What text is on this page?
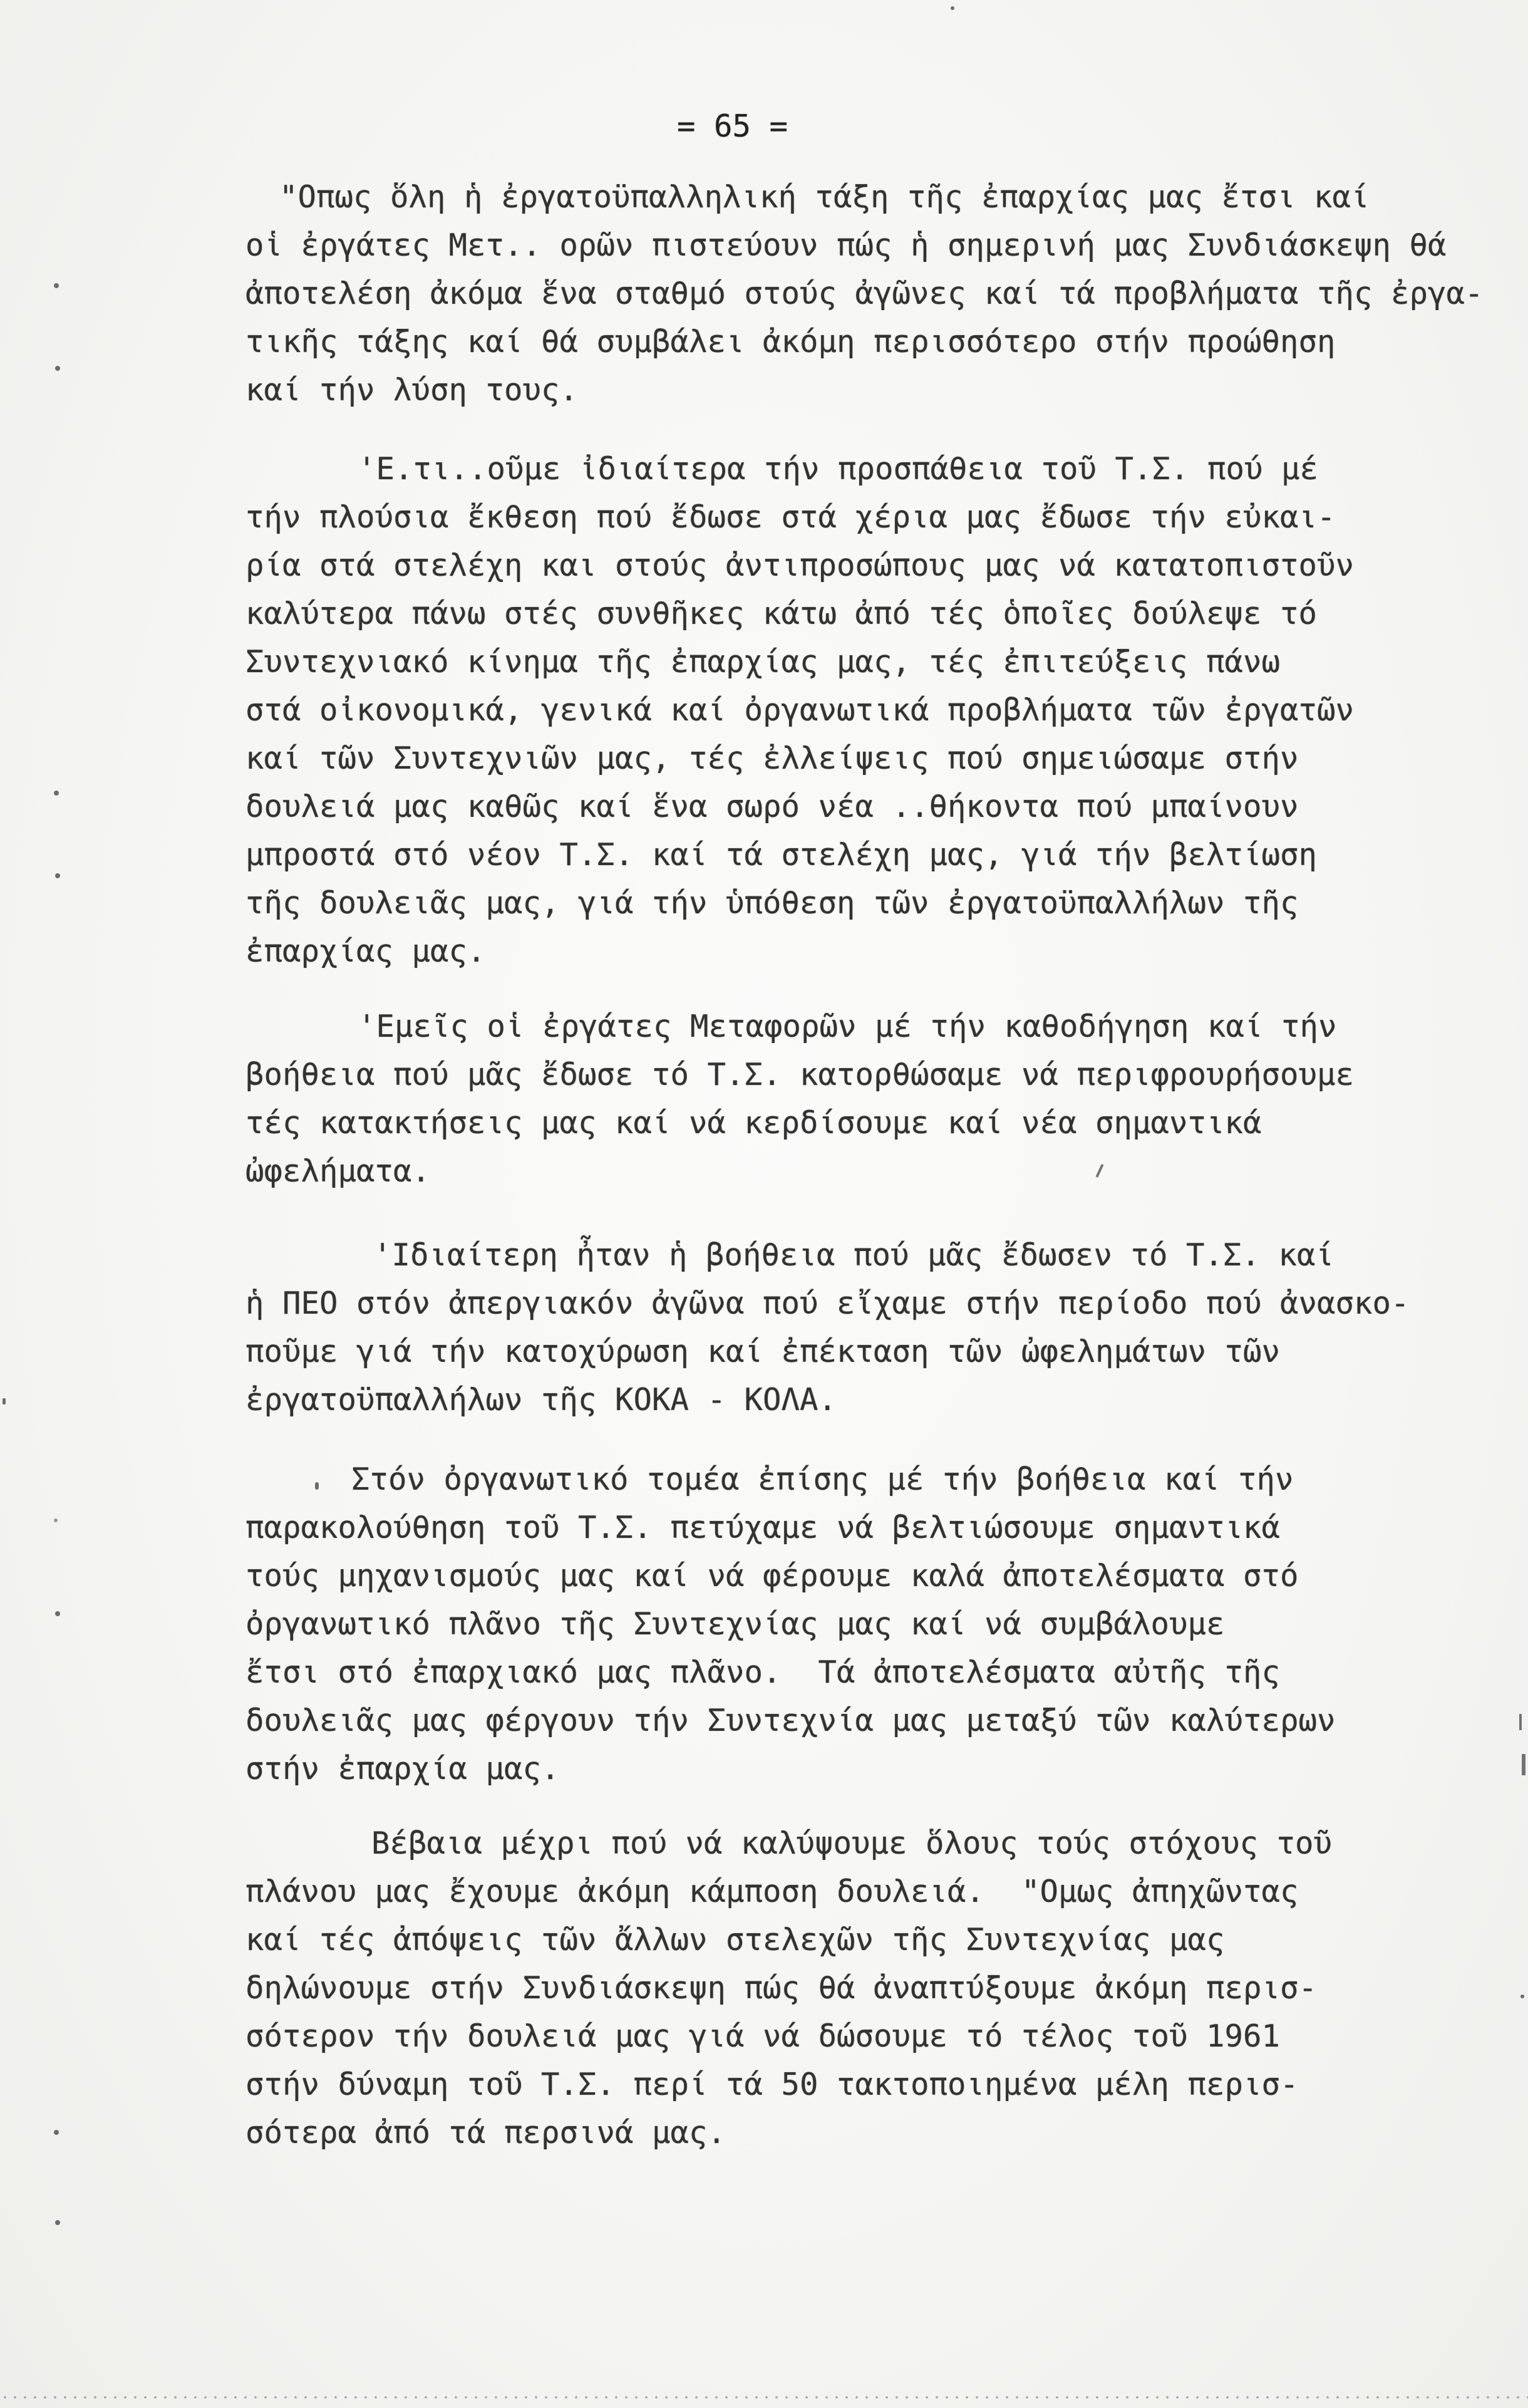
= 65 =
"Οπως ὅλη ἡ ἐργατοϋπαλληλική τάξη τῆς ἐπαρχίας μας ἔτσι καί
οἱ ἐργάτες Μετ.. ορῶν πιστεύουν πώς ἡ σημερινή μας Συνδιάσκεψη θά
ἀποτελέση ἀκόμα ἕνα σταθμό στούς ἀγῶνες καί τά προβλήματα τῆς ἐργα-
τικῆς τάξης καί θά συμβάλει ἀκόμη περισσότερο στήν προώθηση
καί τήν λύση τους.
'Ε.τι..οῦμε ἰδιαίτερα τήν προσπάθεια τοῦ Τ.Σ. πού μέ
τήν πλούσια ἔκθεση πού ἔδωσε στά χέρια μας ἔδωσε τήν εὐκαι-
ρία στά στελέχη και στούς ἀντιπροσώπους μας νά κατατοπιστοῦν
καλύτερα πάνω στές συνθῆκες κάτω ἀπό τές ὁποῖες δούλεψε τό
Συντεχνιακό κίνημα τῆς ἐπαρχίας μας, τές ἐπιτεύξεις πάνω
στά οἰκονομικά, γενικά καί ὀργανωτικά προβλήματα τῶν ἐργατῶν
καί τῶν Συντεχνιῶν μας, τές ἐλλείψεις πού σημειώσαμε στήν
δουλειά μας καθῶς καί ἕνα σωρό νέα ..θήκοντα πού μπαίνουν
μπροστά στό νέον Τ.Σ. καί τά στελέχη μας, γιά τήν βελτίωση
τῆς δουλειᾶς μας, γιά τήν ὑπόθεση τῶν ἐργατοϋπαλλήλων τῆς
ἐπαρχίας μας.
'Εμεῖς οἱ ἐργάτες Μεταφορῶν μέ τήν καθοδήγηση καί τήν
βοήθεια πού μᾶς ἔδωσε τό Τ.Σ. κατορθώσαμε νά περιφρουρήσουμε
τές κατακτήσεις μας καί νά κερδίσουμε καί νέα σημαντικά
ὠφελήματα.
'Ιδιαίτερη ἦταν ἡ βοήθεια πού μᾶς ἔδωσεν τό Τ.Σ. καί
ἡ ΠΕΟ στόν ἀπεργιακόν ἀγῶνα πού εἴχαμε στήν περίοδο πού ἀνασκο-
ποῦμε γιά τήν κατοχύρωση καί ἐπέκταση τῶν ὠφελημάτων τῶν
ἐργατοϋπαλλήλων τῆς ΚΟΚΑ - ΚΟΛΑ.
Στόν ὀργανωτικό τομέα ἐπίσης μέ τήν βοήθεια καί τήν
παρακολούθηση τοῦ Τ.Σ. πετύχαμε νά βελτιώσουμε σημαντικά
τούς μηχανισμούς μας καί νά φέρουμε καλά ἀποτελέσματα στό
ὀργανωτικό πλᾶνο τῆς Συντεχνίας μας καί νά συμβάλουμε
ἔτσι στό ἐπαρχιακό μας πλᾶνο.  Τά ἀποτελέσματα αὐτῆς τῆς
δουλειᾶς μας φέργουν τήν Συντεχνία μας μεταξύ τῶν καλύτερων
στήν ἐπαρχία μας.
Βέβαια μέχρι πού νά καλύψουμε ὅλους τούς στόχους τοῦ
πλάνου μας ἔχουμε ἀκόμη κάμποση δουλειά.  "Ομως ἀπηχῶντας
καί τές ἀπόψεις τῶν ἄλλων στελεχῶν τῆς Συντεχνίας μας
δηλώνουμε στήν Συνδιάσκεψη πώς θά ἀναπτύξουμε ἀκόμη περισ-
σότερον τήν δουλειά μας γιά νά δώσουμε τό τέλος τοῦ 1961
στήν δύναμη τοῦ Τ.Σ. περί τά 50 τακτοποιημένα μέλη περισ-
σότερα ἀπό τά περσινά μας.
